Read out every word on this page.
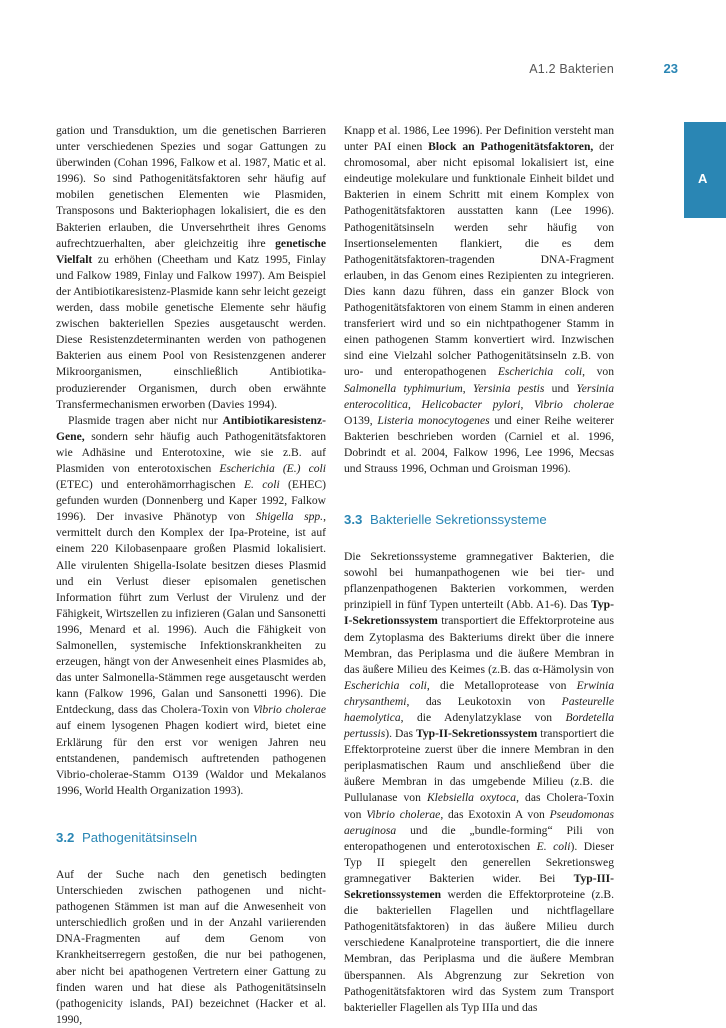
A1.2 Bakterien	23
A

gation und Transduktion, um die genetischen Barrieren unter verschiedenen Spezies und sogar Gattungen zu überwinden (Cohan 1996, Falkow et al. 1987, Matic et al. 1996). So sind Pathogenitätsfaktoren sehr häufig auf mobilen genetischen Elementen wie Plasmiden, Transposons und Bakteriophagen lokalisiert, die es den Bakterien erlauben, die Unversehrtheit ihres Genoms aufrechtzuerhalten, aber gleichzeitig ihre genetische Vielfalt zu erhöhen (Cheetham und Katz 1995, Finlay und Falkow 1989, Finlay und Falkow 1997). Am Beispiel der Antibiotikaresistenz-Plasmide kann sehr leicht gezeigt werden, dass mobile genetische Elemente sehr häufig zwischen bakteriellen Spezies ausgetauscht werden. Diese Resistenzdeterminanten werden von pathogenen Bakterien aus einem Pool von Resistenzgenen anderer Mikroorganismen, einschließlich Antibiotika-produzierender Organismen, durch oben erwähnte Transfermechanismen erworben (Davies 1994).

Plasmide tragen aber nicht nur Antibiotikaresistenz-Gene, sondern sehr häufig auch Pathogenitätsfaktoren wie Adhäsine und Enterotoxine, wie sie z.B. auf Plasmiden von enterotoxischen Escherichia (E.) coli (ETEC) und enterohämorrhagischen E. coli (EHEC) gefunden wurden (Donnenberg und Kaper 1992, Falkow 1996). Der invasive Phänotyp von Shigella spp., vermittelt durch den Komplex der Ipa-Proteine, ist auf einem 220 Kilobasenpaare großen Plasmid lokalisiert. Alle virulenten Shigella-Isolate besitzen dieses Plasmid und ein Verlust dieser episomalen genetischen Information führt zum Verlust der Virulenz und der Fähigkeit, Wirtszellen zu infizieren (Galan und Sansonetti 1996, Menard et al. 1996). Auch die Fähigkeit von Salmonellen, systemische Infektionskrankheiten zu erzeugen, hängt von der Anwesenheit eines Plasmides ab, das unter Salmonella-Stämmen rege ausgetauscht werden kann (Falkow 1996, Galan und Sansonetti 1996). Die Entdeckung, dass das Cholera-Toxin von Vibrio cholerae auf einem lysogenen Phagen kodiert wird, bietet eine Erklärung für den erst vor wenigen Jahren neu entstandenen, pandemisch auftretenden pathogenen Vibrio-cholerae-Stamm O139 (Waldor und Mekalanos 1996, World Health Organization 1993).

3.2 Pathogenitätsinseln

Auf der Suche nach den genetisch bedingten Unterschieden zwischen pathogenen und nicht-pathogenen Stämmen ist man auf die Anwesenheit von unterschiedlich großen und in der Anzahl variierenden DNA-Fragmenten auf dem Genom von Krankheitserregern gestoßen, die nur bei pathogenen, aber nicht bei apathogenen Vertretern einer Gattung zu finden waren und hat diese als Pathogenitätsinseln (pathogenicity islands, PAI) bezeichnet (Hacker et al. 1990,

Knapp et al. 1986, Lee 1996). Per Definition versteht man unter PAI einen Block an Pathogenitätsfaktoren, der chromosomal, aber nicht episomal lokalisiert ist, eine eindeutige molekulare und funktionale Einheit bildet und Bakterien in einem Schritt mit einem Komplex von Pathogenitätsfaktoren ausstatten kann (Lee 1996). Pathogenitätsinseln werden sehr häufig von Insertionselementen flankiert, die es dem Pathogenitätsfaktoren-tragenden DNA-Fragment erlauben, in das Genom eines Rezipienten zu integrieren. Dies kann dazu führen, dass ein ganzer Block von Pathogenitätsfaktoren von einem Stamm in einen anderen transferiert wird und so ein nichtpathogener Stamm in einen pathogenen Stamm konvertiert wird. Inzwischen sind eine Vielzahl solcher Pathogenitätsinseln z.B. von uro- und enteropathogenen Escherichia coli, von Salmonella typhimurium, Yersinia pestis und Yersinia enterocolitica, Helicobacter pylori, Vibrio cholerae O139, Listeria monocytogenes und einer Reihe weiterer Bakterien beschrieben worden (Carniel et al. 1996, Dobrindt et al. 2004, Falkow 1996, Lee 1996, Mecsas und Strauss 1996, Ochman und Groisman 1996).

3.3 Bakterielle Sekretionssysteme

Die Sekretionssysteme gramnegativer Bakterien, die sowohl bei humanpathogenen wie bei tier- und pflanzenpathogenen Bakterien vorkommen, werden prinzipiell in fünf Typen unterteilt (Abb. A1-6). Das Typ-I-Sekretionssystem transportiert die Effektorproteine aus dem Zytoplasma des Bakteriums direkt über die innere Membran, das Periplasma und die äußere Membran in das äußere Milieu des Keimes (z.B. das α-Hämolysin von Escherichia coli, die Metalloprotease von Erwinia chrysanthemi, das Leukotoxin von Pasteurelle haemolytica, die Adenylatzyklase von Bordetella pertussis). Das Typ-II-Sekretionssystem transportiert die Effektorproteine zuerst über die innere Membran in den periplasmatischen Raum und anschließend über die äußere Membran in das umgebende Milieu (z.B. die Pullulanase von Klebsiella oxytoca, das Cholera-Toxin von Vibrio cholerae, das Exotoxin A von Pseudomonas aeruginosa und die „bundle-forming“ Pili von enteropathogenen und enterotoxischen E. coli). Dieser Typ II spiegelt den generellen Sekretionsweg gramnegativer Bakterien wider. Bei Typ-III-Sekretionssystemen werden die Effektorproteine (z.B. die bakteriellen Flagellen und nichtflagellare Pathogenitätsfaktoren) in das äußere Milieu durch verschiedene Kanalproteine transportiert, die die innere Membran, das Periplasma und die äußere Membran überspannen. Als Abgrenzung zur Sekretion von Pathogenitätsfaktoren wird das System zum Transport bakterieller Flagellen als Typ IIIa und das
